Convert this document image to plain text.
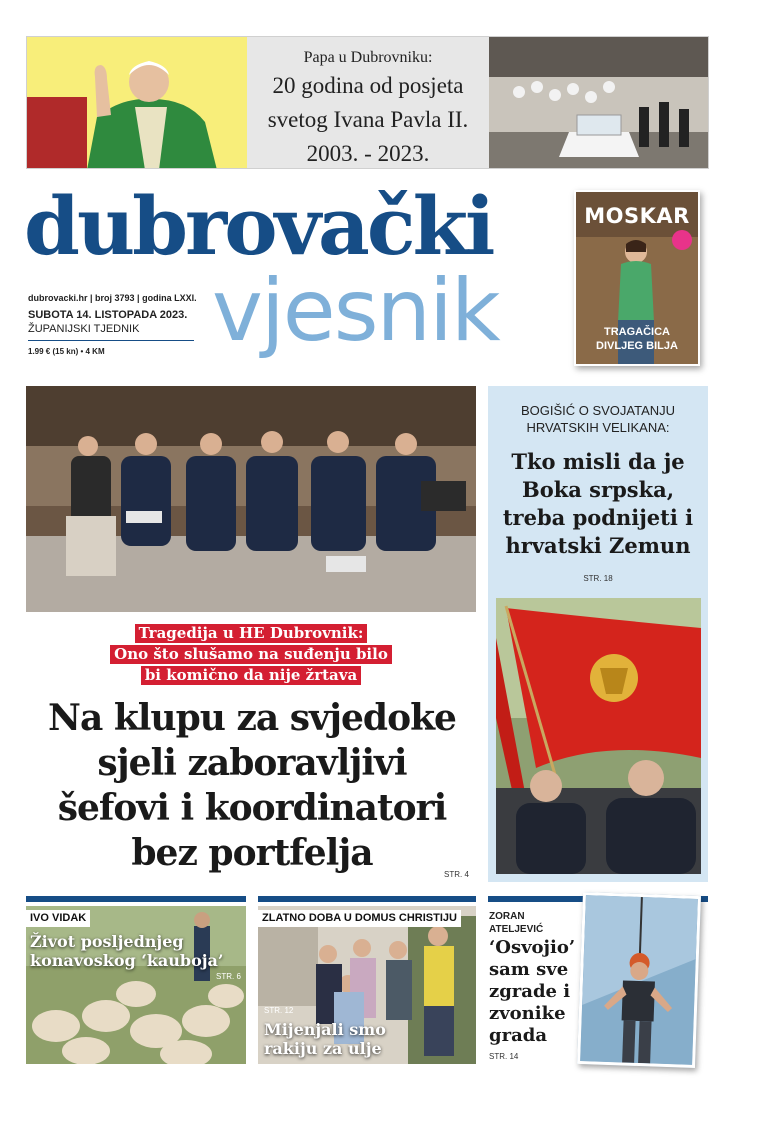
Papa u Dubrovniku:
20 godina od posjeta
svetog Ivana Pavla II.
2003. - 2023.
dubrovački
vjesnik
dubrovacki.hr | broj 3793 | godina LXXI.
SUBOTA 14. LISTOPADA 2023.
ŽUPANIJSKI TJEDNIK
1.99 € (15 kn) • 4 KM
MOSKAR
TRAGAČICA
DIVLJEG BILJA
BOGIŠIĆ O SVOJATANJU
HRVATSKIH VELIKANA:
Tko misli da je
Boka srpska,
treba podnijeti i
hrvatski Zemun
STR. 18
Tragedija u HE Dubrovnik:
Ono što slušamo na suđenju bilo
bi komično da nije žrtava
Na klupu za svjedoke
sjeli zaboravljivi
šefovi i koordinatori
bez portfelja
STR. 4
IVO VIDAK
Život posljednjeg
konavoskog ‘kauboja’
STR. 6
ZLATNO DOBA U DOMUS CHRISTIJU
STR. 12
Mijenjali smo
rakiju za ulje
ZORAN
ATELJEVIĆ
‘Osvojio’
sam sve
zgrade i
zvonike
grada
STR. 14
